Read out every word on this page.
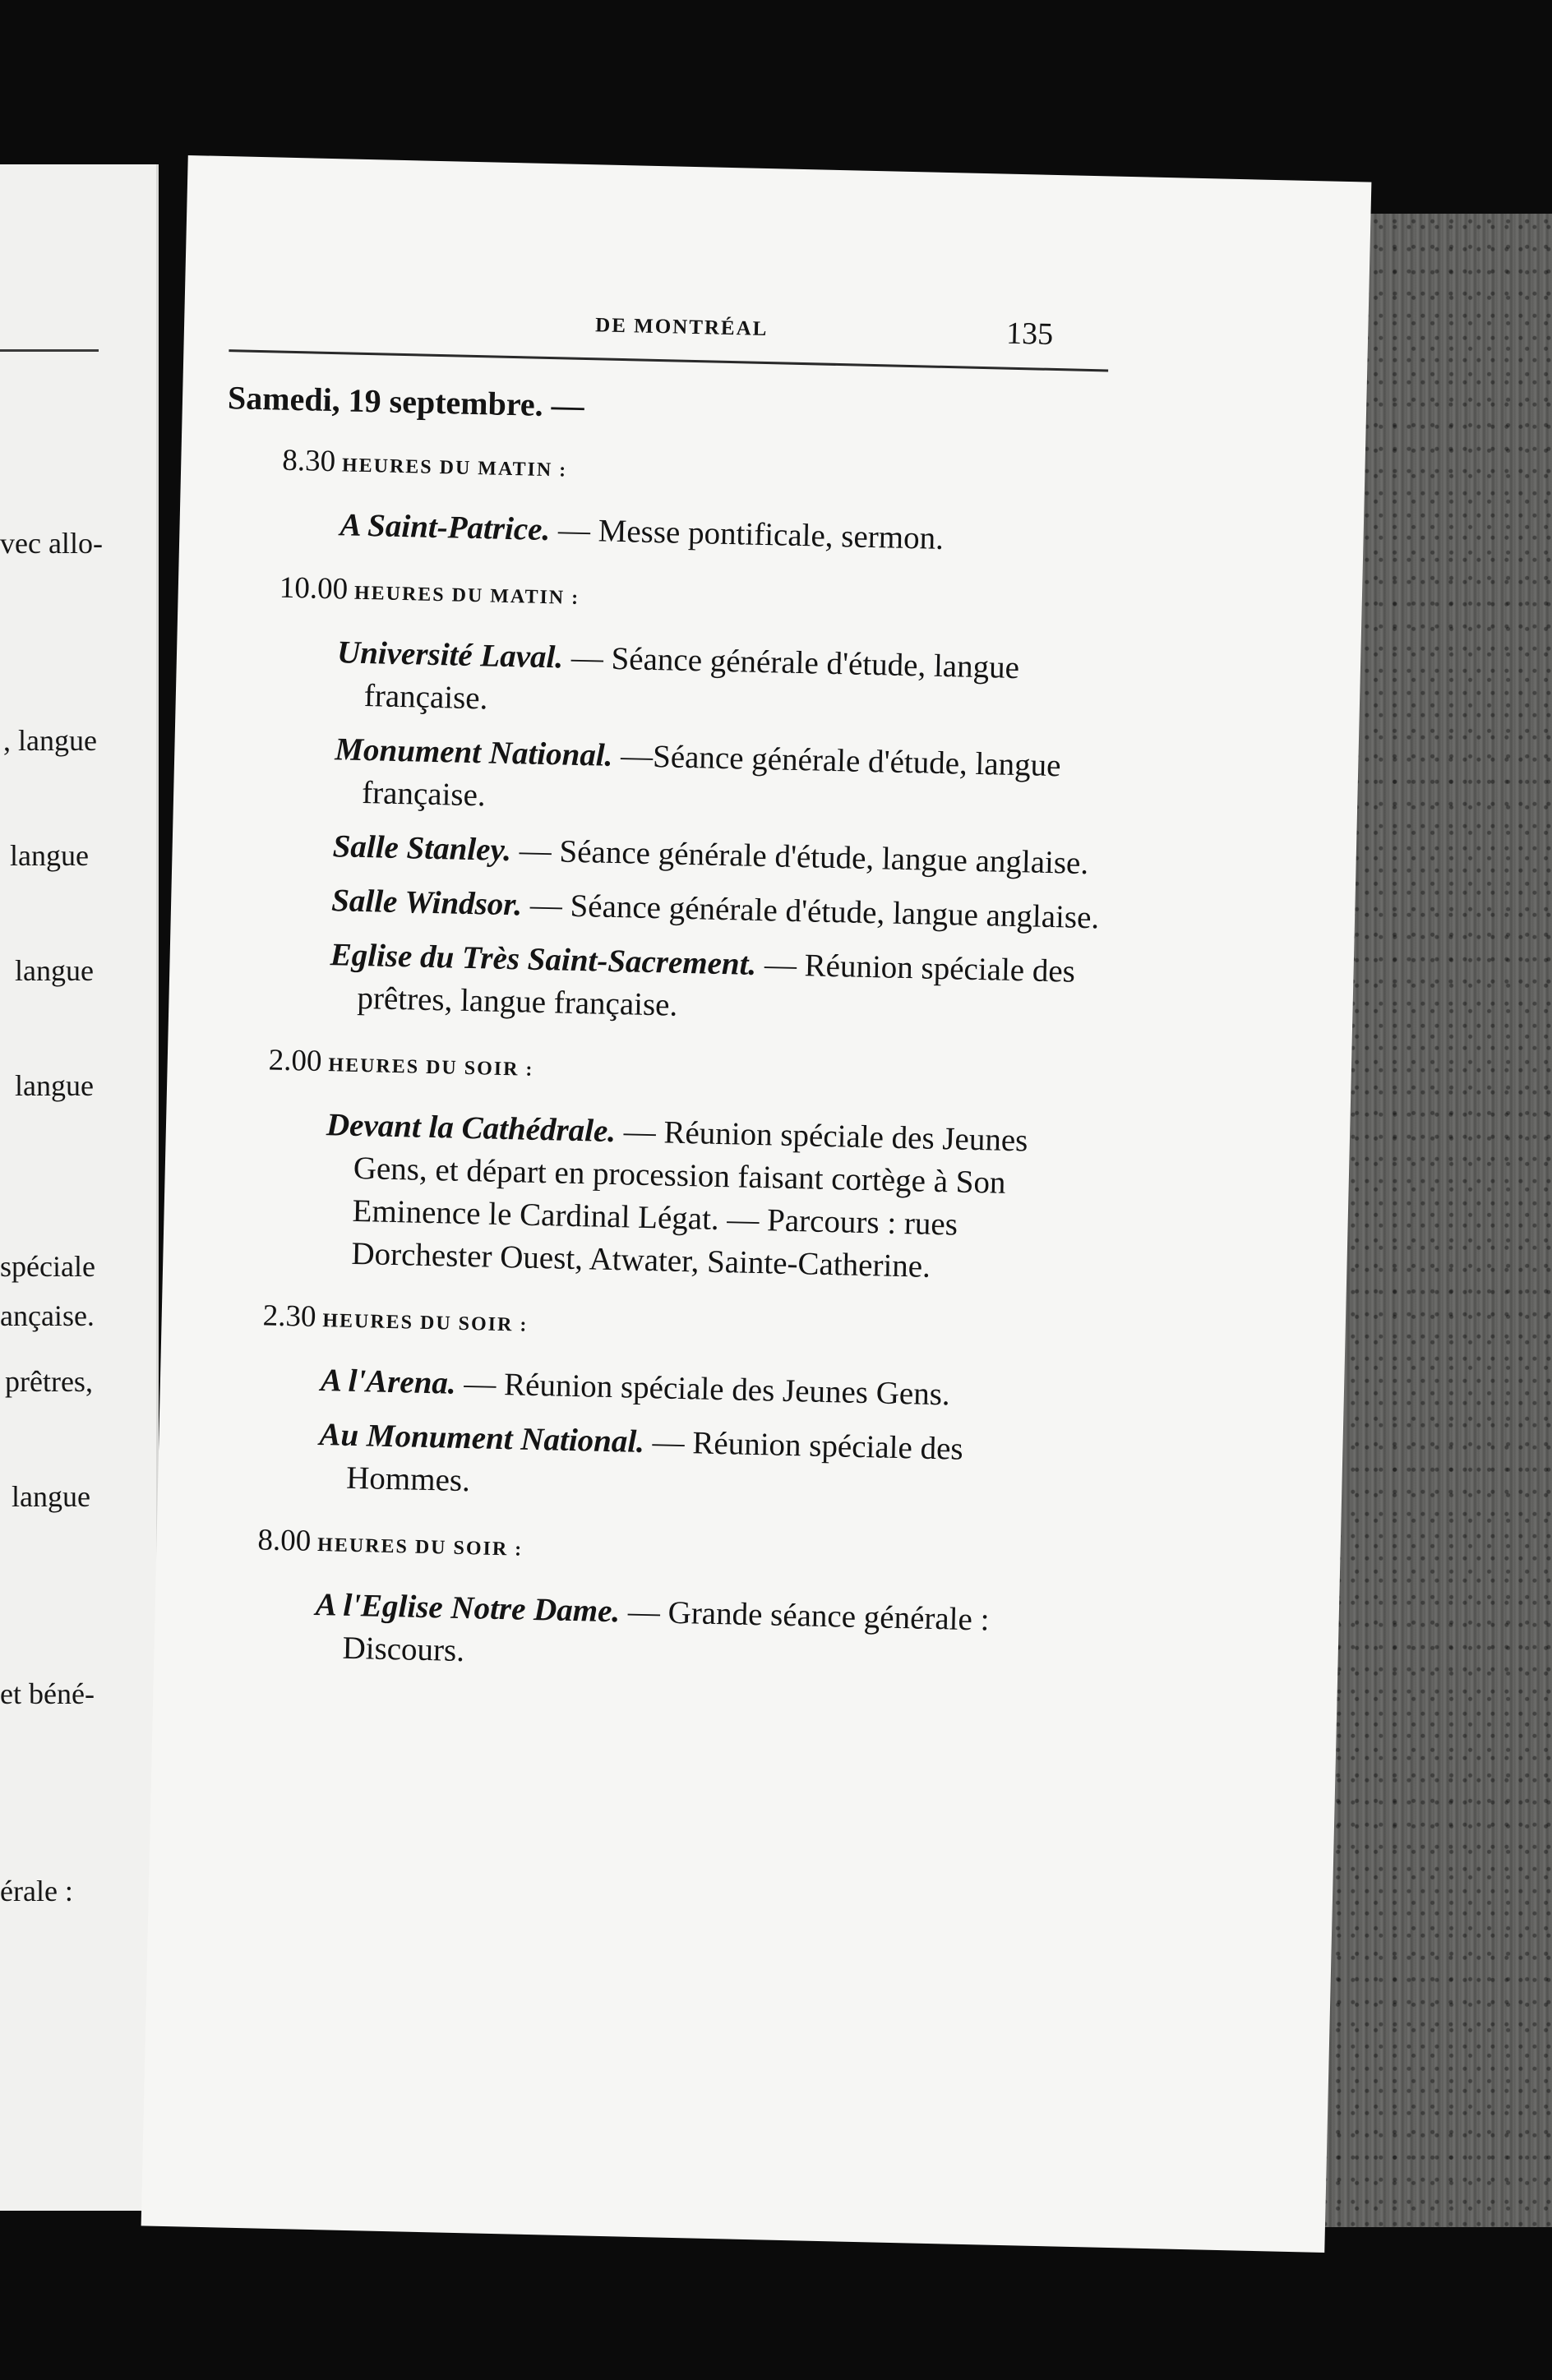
vec allo-
, langue
langue
langue
langue
spéciale
ançaise.
prêtres,
langue
et béné-
érale :
DE MONTRÉAL	135
Samedi, 19 septembre. —
8.30 HEURES DU MATIN :

A Saint-Patrice. — Messe pontificale, sermon.

10.00 HEURES DU MATIN :

Université Laval. — Séance générale d'étude, langue française.

Monument National. —Séance générale d'étude, langue française.

Salle Stanley. — Séance générale d'étude, langue anglaise.

Salle Windsor. — Séance générale d'étude, langue anglaise.

Eglise du Très Saint-Sacrement. — Réunion spéciale des prêtres, langue française.

2.00 HEURES DU SOIR :

Devant la Cathédrale. — Réunion spéciale des Jeunes Gens, et départ en procession faisant cortège à Son Eminence le Cardinal Légat. — Parcours : rues Dorchester Ouest, Atwater, Sainte-Catherine.

2.30 HEURES DU SOIR :

A l'Arena. — Réunion spéciale des Jeunes Gens.

Au Monument National. — Réunion spéciale des Hommes.

8.00 HEURES DU SOIR :

A l'Eglise Notre Dame. — Grande séance générale : Discours.
